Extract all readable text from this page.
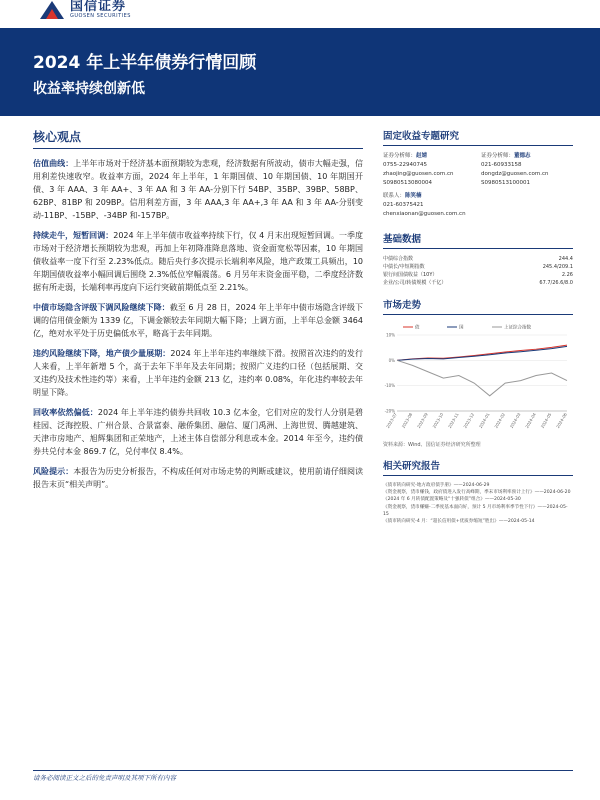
国信证券
GUOSEN SECURITIES
2024 年上半年债券行情回顾
收益率持续创新低
核心观点

估值曲线：上半年市场对于经济基本面预期较为悲观，经济数据有所波动，债市大幅走强，信用利差快速收窄。收益率方面，2024 年上半年，1 年期国债、10 年期国债、10 年期国开债、3 年 AAA、3 年 AA+、3 年 AA 和 3 年 AA-分别下行 54BP、35BP、39BP、58BP、62BP、81BP 和 209BP。信用利差方面，3 年 AAA,3 年 AA+,3 年 AA 和 3 年 AA-分别变动-11BP、-15BP、-34BP 和-157BP。

持续走牛，短暂回调：2024 年上半年债市收益率持续下行，仅 4 月末出现短暂回调。一季度市场对于经济增长预期较为悲观，再加上年初降准降息落地、资金面宽松等因素，10 年期国债收益率一度下行至 2.23%低点。随后央行多次提示长端利率风险，地产政策工具频出，10 年期国债收益率小幅回调后围绕 2.3%低位窄幅震荡。6 月另年末资金面平稳，二季度经济数据有所走弱，长端利率再度向下运行突破前期低点至 2.21%。

中债市场隐含评级下调风险继续下降：截至 6 月 28 日，2024 年上半年中债市场隐含评级下调的信用债金额为 1339 亿，下调金额较去年同期大幅下降；上调方面，上半年总金额 3464 亿，绝对水平处于历史偏低水平，略高于去年同期。

违约风险继续下降，地产债少量展期：2024 年上半年违约率继续下滑。按照首次违约的发行人来看，上半年新增 5 个，高于去年下半年及去年同期；按照广义违约口径（包括展期、交叉违约及技术性违约等）来看，上半年违约金额 213 亿，违约率 0.08%，年化违约率较去年明显下降。

回收率依然偏低：2024 年上半年违约债券共回收 10.3 亿本金，它们对应的发行人分别是碧桂园、泛海控股、广州合景、合景富泰、融侨集团、融信、厦门禹洲、上海世贸、腾越建筑、天津市房地产、旭辉集团和正荣地产，上述主体自偿部分利息或本金。2014 年至今，违约债券共兑付本金 869.7 亿，兑付率仅 8.4%。

风险提示：本报告为历史分析报告，不构成任何对市场走势的判断或建议，使用前请仔细阅读报告末页“相关声明”。

固定收益专题研究
证券分析师：赵婧
0755-22940745
zhaojing@guosen.com.cn
S0980513080004
证券分析师：董德志
021-60933158
dongdz@guosen.com.cn
S0980513100001
联系人：陈笑楠
021-60375421
chenxiaonan@guosen.com.cn
基础数据
中债综合指数	244.4
中债长/中短期指数	245.4/209.1
银行间国债收益（10Y）	2.26
企业/公司/转债规模（千亿）	67.7/26.6/8.0
市场走势
-20%
-10%
0%
10%
2023-07 2023-08 2023-09 2023-10 2023-11 2023-12 2024-01 2024-02 2024-03 2024-04 2024-05 2024-06
债	国	上证综合指数
资料来源：Wind、国信证券经济研究所整理
相关研究报告
《债市转向研究-地方政府债手册》——2024-06-29
《资金观察，货币赚钱，政府债进入发行高峰期，季末市场利率预计上行》——2024-06-20
《2024 年 6 月转债配置策略及“十强转债”组合》——2024-05-30
《资金观察，货币赚赚-二季度基本面向好，预计 5 月市场利率季节性下行》——2024-05-15
《债市转向研究-4 月：“超长信用债+优质券缩短”胜出》——2024-05-14
请务必阅读正文之后的免责声明及其项下所有内容
